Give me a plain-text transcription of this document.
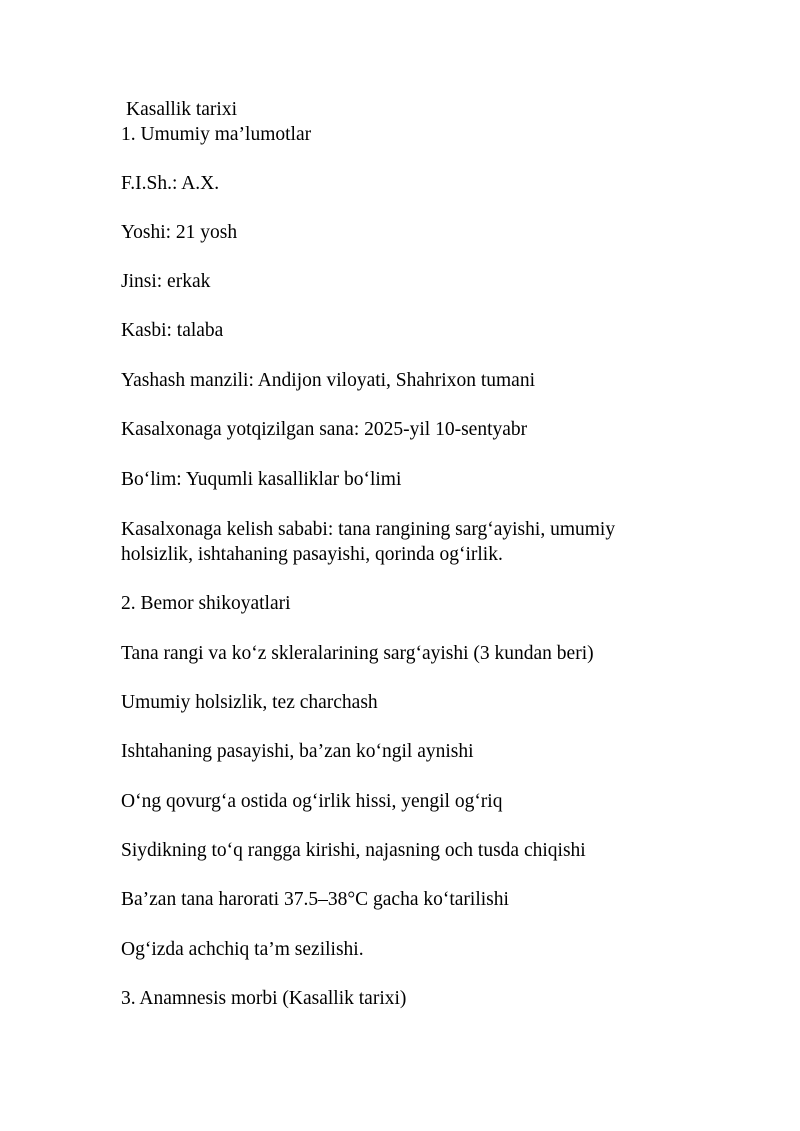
Kasallik tarixi

1. Umumiy ma’lumotlar

F.I.Sh.: A.X.

Yoshi: 21 yosh

Jinsi: erkak

Kasbi: talaba

Yashash manzili: Andijon viloyati, Shahrixon tumani

Kasalxonaga yotqizilgan sana: 2025-yil 10-sentyabr

Bo‘lim: Yuqumli kasalliklar bo‘limi

Kasalxonaga kelish sababi: tana rangining sarg‘ayishi, umumiy

holsizlik, ishtahaning pasayishi, qorinda og‘irlik.

2. Bemor shikoyatlari

Tana rangi va ko‘z skleralarining sarg‘ayishi (3 kundan beri)

Umumiy holsizlik, tez charchash

Ishtahaning pasayishi, ba’zan ko‘ngil aynishi

O‘ng qovurg‘a ostida og‘irlik hissi, yengil og‘riq

Siydikning to‘q rangga kirishi, najasning och tusda chiqishi

Ba’zan tana harorati 37.5–38°C gacha ko‘tarilishi

Og‘izda achchiq ta’m sezilishi.

3. Anamnesis morbi (Kasallik tarixi)
